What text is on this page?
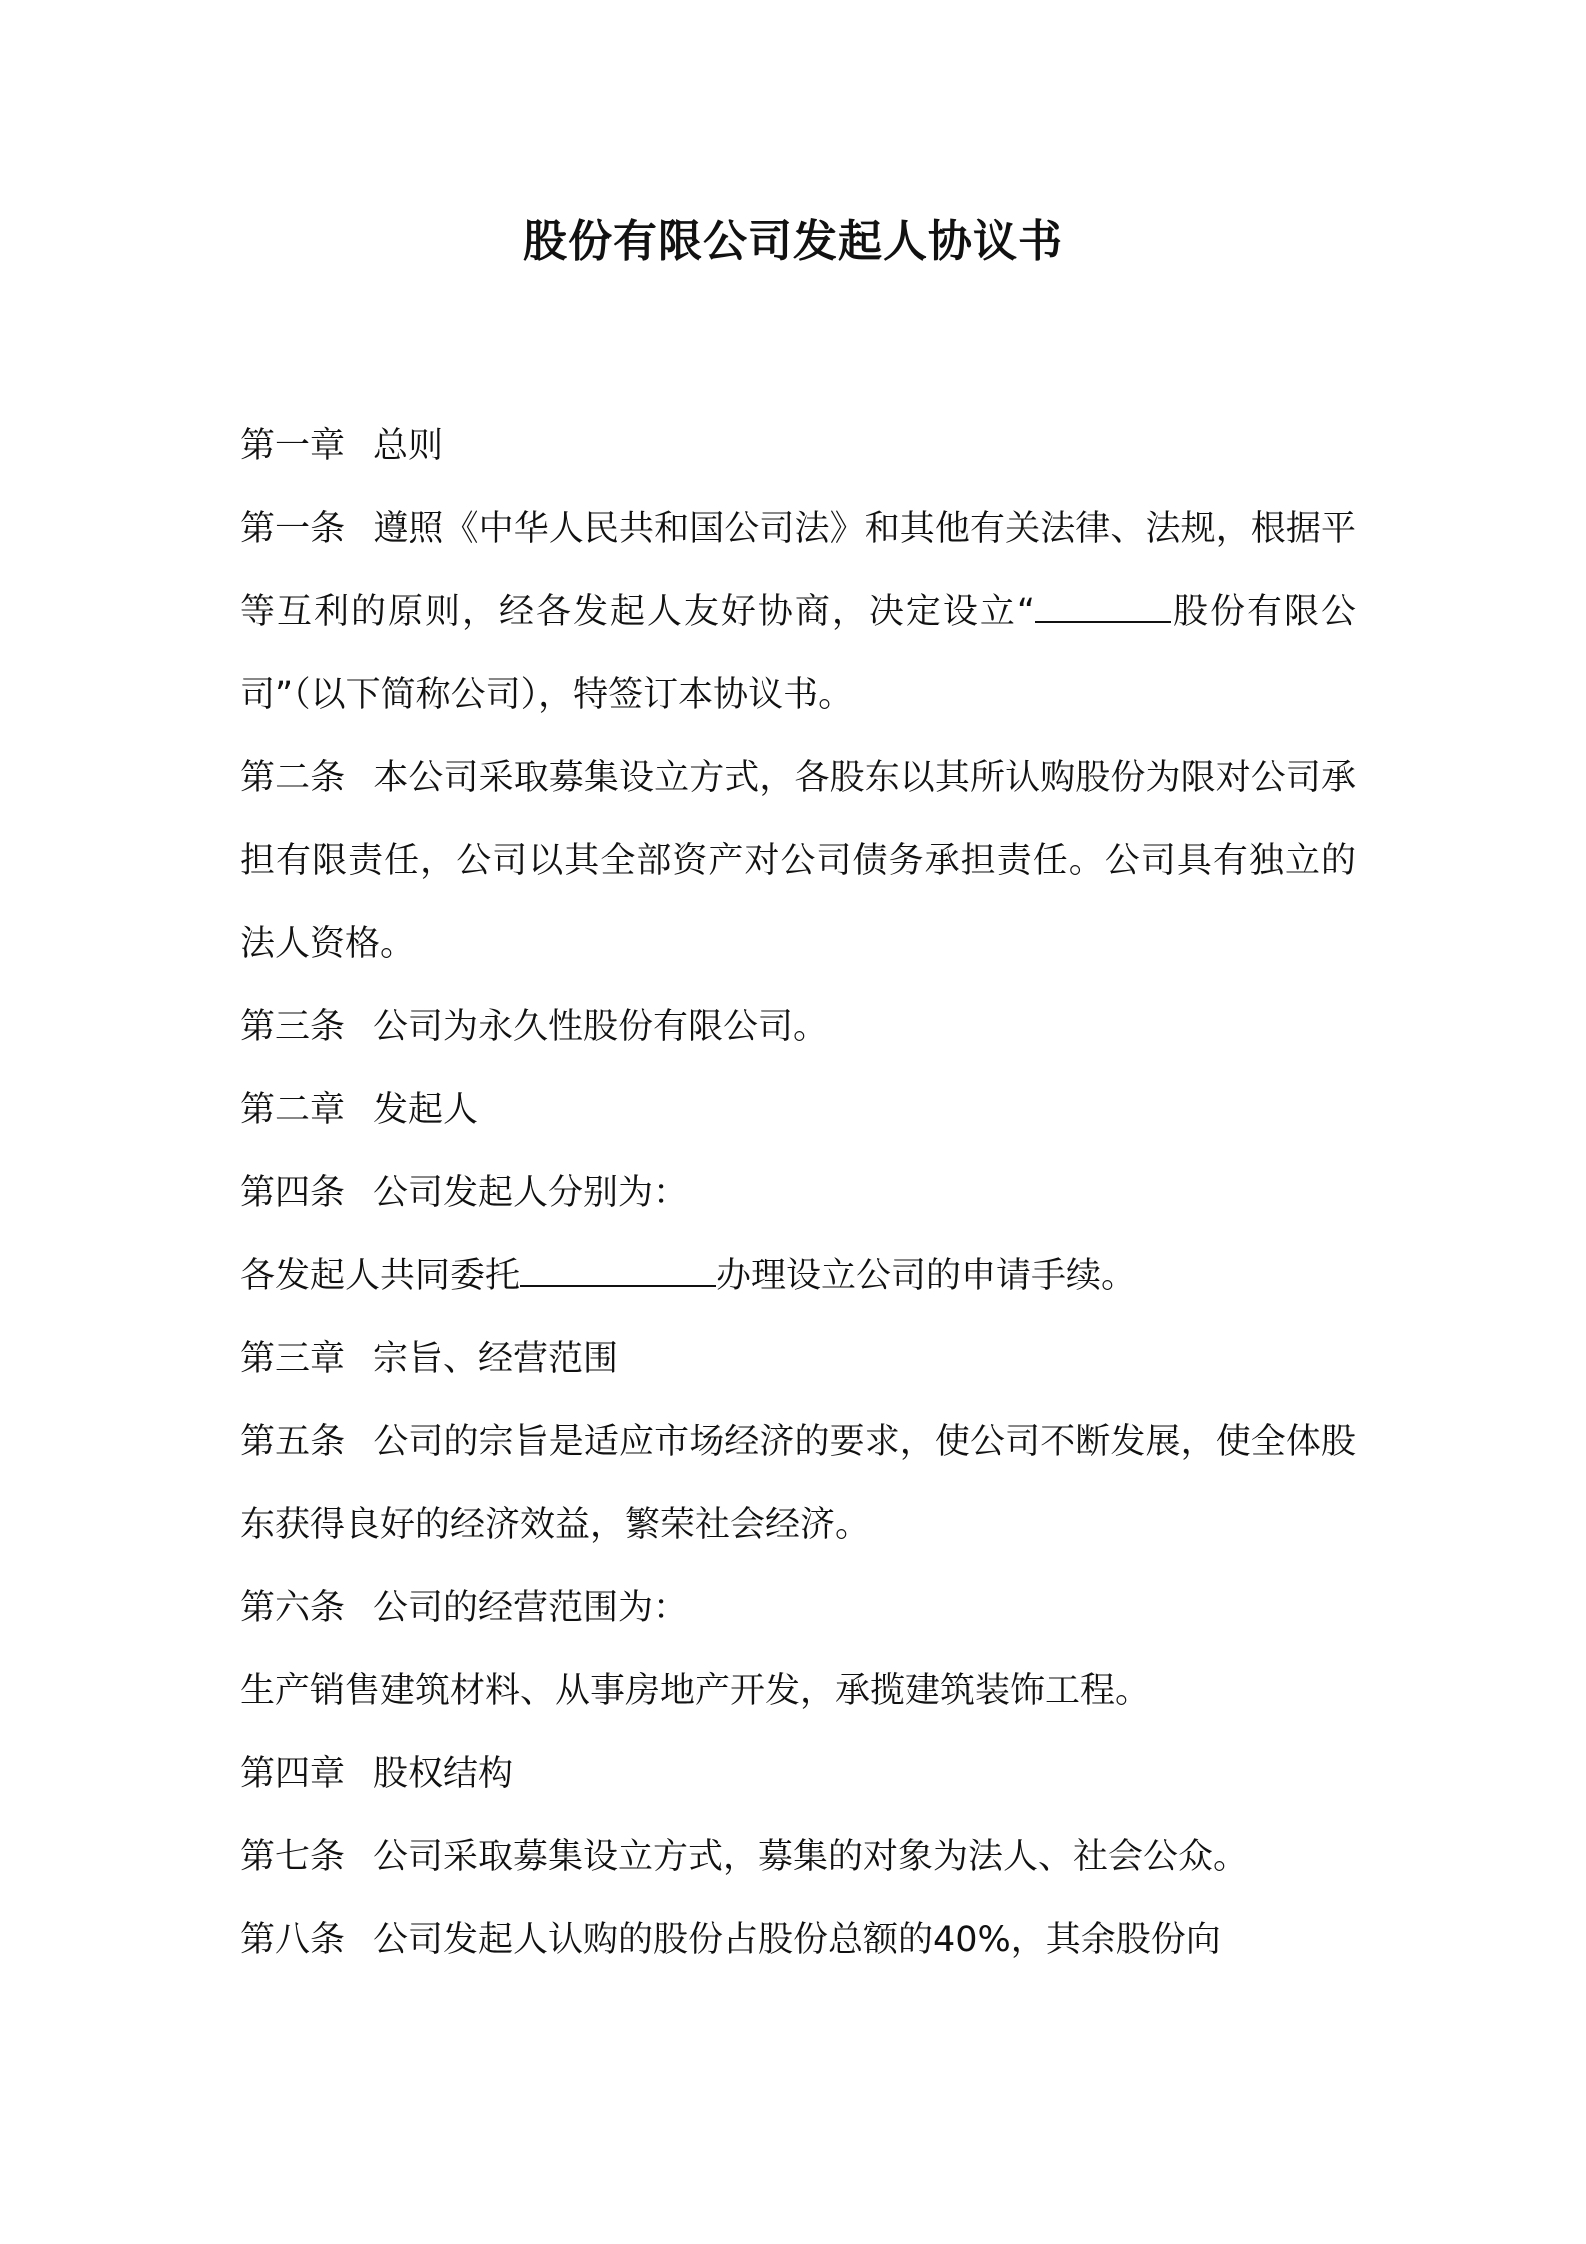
股份有限公司发起人协议书

第一章 总则

第一条 遵照《中华人民共和国公司法》和其他有关法律、法规，根据平等互利的原则，经各发起人友好协商，决定设立“	股份有限公司”（以下简称公司），特签订本协议书。

第二条 本公司采取募集设立方式，各股东以其所认购股份为限对公司承担有限责任，公司以其全部资产对公司债务承担责任。公司具有独立的法人资格。

第三条 公司为永久性股份有限公司。

第二章 发起人

第四条 公司发起人分别为：

各发起人共同委托	办理设立公司的申请手续。

第三章 宗旨、经营范围

第五条 公司的宗旨是适应市场经济的要求，使公司不断发展，使全体股东获得良好的经济效益，繁荣社会经济。

第六条 公司的经营范围为：

生产销售建筑材料、从事房地产开发，承揽建筑装饰工程。

第四章 股权结构

第七条 公司采取募集设立方式，募集的对象为法人、社会公众。

第八条 公司发起人认购的股份占股份总额的40%，其余股份向
